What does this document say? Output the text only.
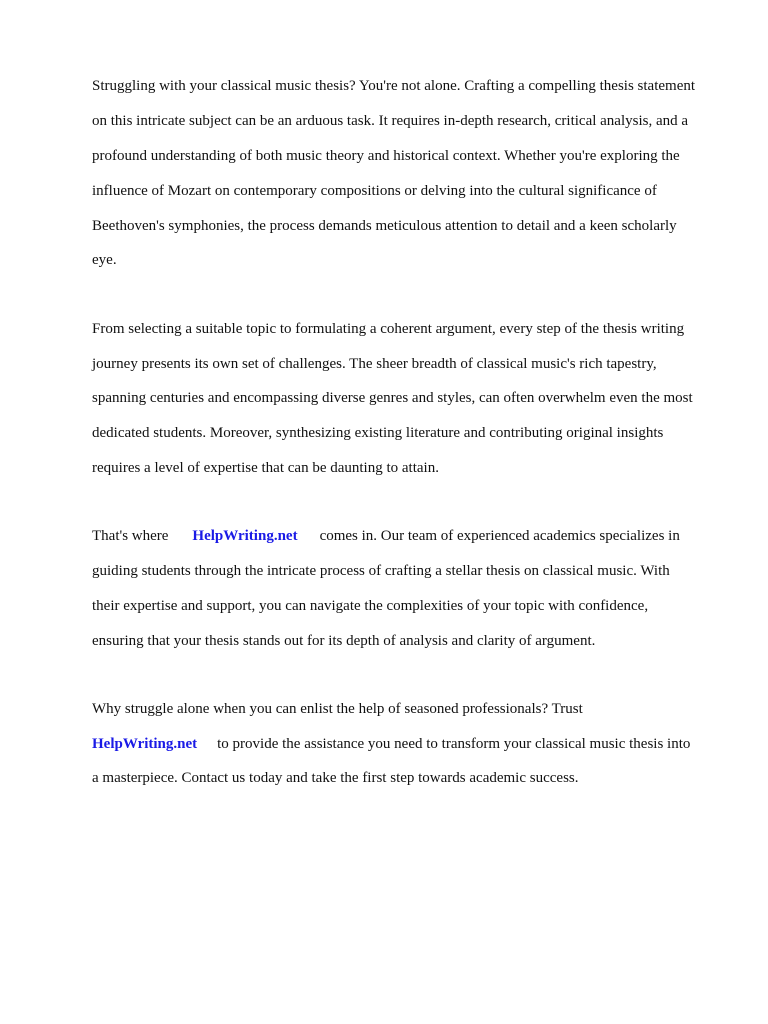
Struggling with your classical music thesis? You're not alone. Crafting a compelling thesis statement

on this intricate subject can be an arduous task. It requires in-depth research, critical analysis, and a

profound understanding of both music theory and historical context. Whether you're exploring the

influence of Mozart on contemporary compositions or delving into the cultural significance of

Beethoven's symphonies, the process demands meticulous attention to detail and a keen scholarly

eye.

From selecting a suitable topic to formulating a coherent argument, every step of the thesis writing

journey presents its own set of challenges. The sheer breadth of classical music's rich tapestry,

spanning centuries and encompassing diverse genres and styles, can often overwhelm even the most

dedicated students. Moreover, synthesizing existing literature and contributing original insights

requires a level of expertise that can be daunting to attain.

That's where HelpWriting.net comes in. Our team of experienced academics specializes in

guiding students through the intricate process of crafting a stellar thesis on classical music. With

their expertise and support, you can navigate the complexities of your topic with confidence,

ensuring that your thesis stands out for its depth of analysis and clarity of argument.

Why struggle alone when you can enlist the help of seasoned professionals? Trust

HelpWriting.net to provide the assistance you need to transform your classical music thesis into

a masterpiece. Contact us today and take the first step towards academic success.
